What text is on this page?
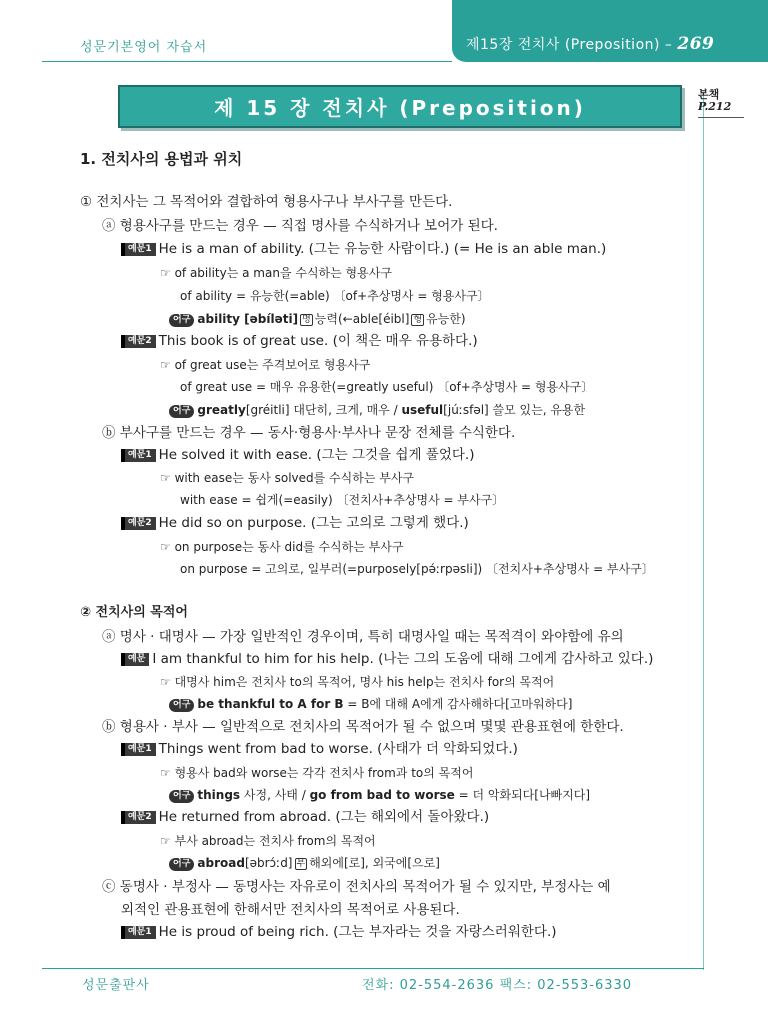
성문기본영어 자습서	제15장 전치사 (Preposition) – 269
제 15 장 전치사 (Preposition)
본책
P.212
1. 전치사의 용법과 위치
① 전치사는 그 목적어와 결합하여 형용사구나 부사구를 만든다.
ⓐ 형용사구를 만드는 경우 — 직접 명사를 수식하거나 보어가 된다.
예문1 He is a man of ability. (그는 유능한 사람이다.) (= He is an able man.)
☞ of ability는 a man을 수식하는 형용사구
of ability = 유능한(=able) 〔of+추상명사 = 형용사구〕
어구 ability [əbíləti] 명 능력(←able[éibl] 형 유능한)
예문2 This book is of great use. (이 책은 매우 유용하다.)
☞ of great use는 주격보어로 형용사구
of great use = 매우 유용한(=greatly useful) 〔of+추상명사 = 형용사구〕
어구 greatly[gréitli] 대단히, 크게, 매우 / useful[júːsfəl] 쓸모 있는, 유용한
ⓑ 부사구를 만드는 경우 — 동사·형용사·부사나 문장 전체를 수식한다.
예문1 He solved it with ease. (그는 그것을 쉽게 풀었다.)
☞ with ease는 동사 solved를 수식하는 부사구
with ease = 쉽게(=easily) 〔전치사+추상명사 = 부사구〕
예문2 He did so on purpose. (그는 고의로 그렇게 했다.)
☞ on purpose는 동사 did를 수식하는 부사구
on purpose = 고의로, 일부러(=purposely[pə́ːrpəsli]) 〔전치사+추상명사 = 부사구〕
② 전치사의 목적어
ⓐ 명사 · 대명사 — 가장 일반적인 경우이며, 특히 대명사일 때는 목적격이 와야함에 유의
예문 I am thankful to him for his help. (나는 그의 도움에 대해 그에게 감사하고 있다.)
☞ 대명사 him은 전치사 to의 목적어, 명사 his help는 전치사 for의 목적어
어구 be thankful to A for B = B에 대해 A에게 감사해하다[고마워하다]
ⓑ 형용사 · 부사 — 일반적으로 전치사의 목적어가 될 수 없으며 몇몇 관용표현에 한한다.
예문1 Things went from bad to worse. (사태가 더 악화되었다.)
☞ 형용사 bad와 worse는 각각 전치사 from과 to의 목적어
어구 things 사정, 사태 / go from bad to worse = 더 악화되다[나빠지다]
예문2 He returned from abroad. (그는 해외에서 돌아왔다.)
☞ 부사 abroad는 전치사 from의 목적어
어구 abroad[əbrɔ́ːd] 부 해외에[로], 외국에[으로]
ⓒ 동명사 · 부정사 — 동명사는 자유로이 전치사의 목적어가 될 수 있지만, 부정사는 예
외적인 관용표현에 한해서만 전치사의 목적어로 사용된다.
예문1 He is proud of being rich. (그는 부자라는 것을 자랑스러워한다.)
성문출판사	전화: 02-554-2636 팩스: 02-553-6330
